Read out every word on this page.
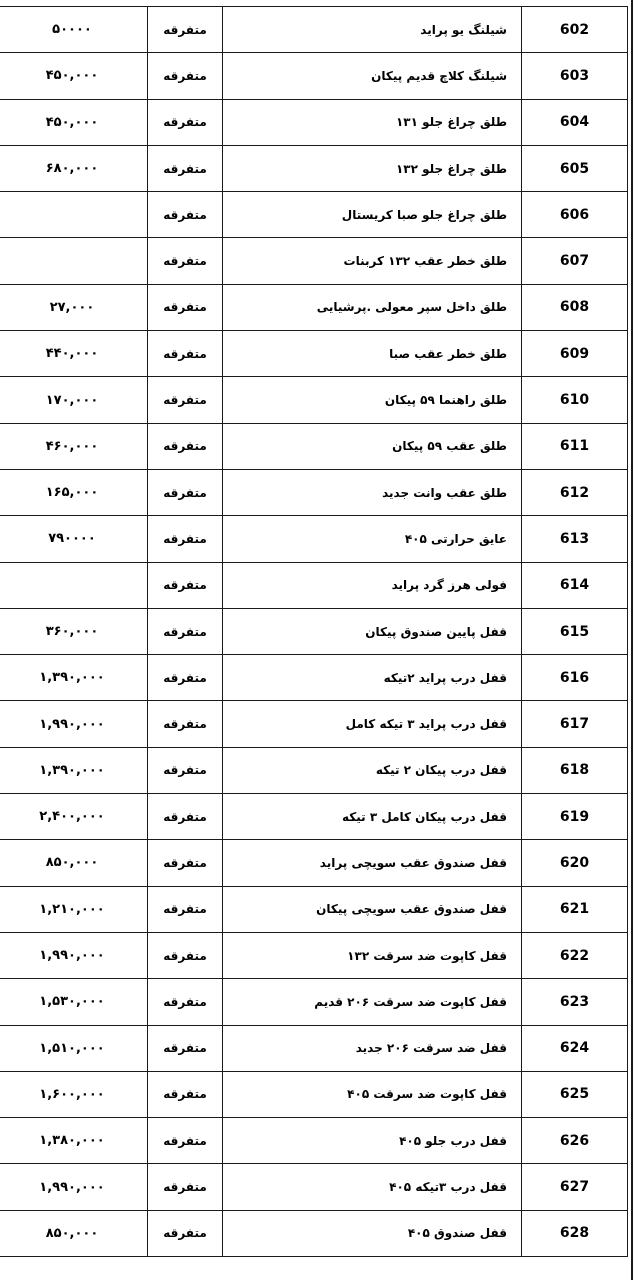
602	شیلنگ یو پراید	متفرقه	۵۰۰۰۰
603	شیلنگ کلاچ قدیم پیکان	متفرقه	۴۵۰,۰۰۰
604	طلق چراغ جلو ۱۳۱	متفرقه	۴۵۰,۰۰۰
605	طلق چراغ جلو ۱۳۲	متفرقه	۶۸۰,۰۰۰
606	طلق چراغ جلو صبا کریستال	متفرقه	
607	طلق خطر عقب ۱۳۲ کربنات	متفرقه	
608	طلق داخل سپر معولی .پرشیایی	متفرقه	۲۷,۰۰۰
609	طلق خطر عقب صبا	متفرقه	۴۴۰,۰۰۰
610	طلق راهنما ۵۹ پیکان	متفرقه	۱۷۰,۰۰۰
611	طلق عقب ۵۹ پیکان	متفرقه	۴۶۰,۰۰۰
612	طلق عقب وانت جدید	متفرقه	۱۶۵,۰۰۰
613	عایق حرارتی ۴۰۵	متفرقه	۷۹۰۰۰۰
614	فولی هرز گرد پراید	متفرقه	
615	قفل پایین صندوق پیکان	متفرقه	۳۶۰,۰۰۰
616	قفل درب پراید ۲تیکه	متفرقه	۱,۳۹۰,۰۰۰
617	قفل درب پراید ۳ تیکه کامل	متفرقه	۱,۹۹۰,۰۰۰
618	قفل درب پیکان ۲ تیکه	متفرقه	۱,۳۹۰,۰۰۰
619	قفل درب پیکان کامل ۳ تیکه	متفرقه	۲,۴۰۰,۰۰۰
620	قفل صندوق عقب سویچی پراید	متفرقه	۸۵۰,۰۰۰
621	قفل صندوق عقب سویچی پیکان	متفرقه	۱,۲۱۰,۰۰۰
622	قفل کاپوت ضد سرقت ۱۳۲	متفرقه	۱,۹۹۰,۰۰۰
623	قفل کاپوت ضد سرقت ۲۰۶ قدیم	متفرقه	۱,۵۳۰,۰۰۰
624	قفل ضد سرقت ۲۰۶ جدید	متفرقه	۱,۵۱۰,۰۰۰
625	قفل کاپوت ضد سرقت ۴۰۵	متفرقه	۱,۶۰۰,۰۰۰
626	قفل درب جلو ۴۰۵	متفرقه	۱,۳۸۰,۰۰۰
627	قفل درب ۳تیکه ۴۰۵	متفرقه	۱,۹۹۰,۰۰۰
628	قفل صندوق ۴۰۵	متفرقه	۸۵۰,۰۰۰
